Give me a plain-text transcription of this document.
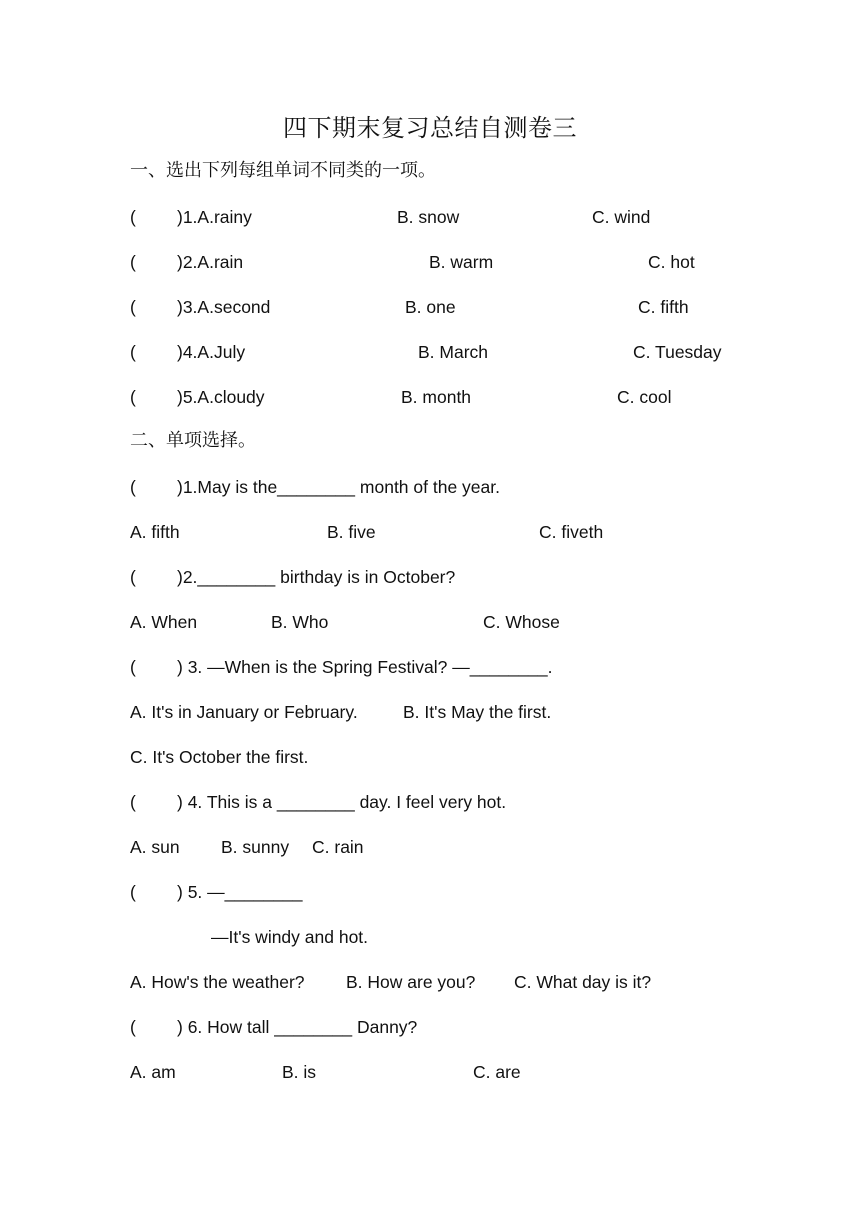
四下期末复习总结自测卷三
一、选出下列每组单词不同类的一项。
( )1.A.rainy	B. snow	C. wind
( )2.A.rain	B. warm	C. hot
( )3.A.second	B. one	C. fifth
( )4.A.July	B. March	C. Tuesday
( )5.A.cloudy	B. month	C. cool
二、单项选择。
( )1.May is the________ month of the year.
A. fifth	B. five	C. fiveth
( )2.________ birthday is in October?
A. When	B. Who	C. Whose
( ) 3. —When is the Spring Festival? —________.
A. It's in January or February.	B. It's May the first.
C. It's October the first.
( ) 4. This is a ________ day. I feel very hot.
A. sun B. sunny C. rain
( ) 5. —________
—It's windy and hot.
A. How's the weather? B. How are you? C. What day is it?
( ) 6. How tall ________ Danny?
A. am	B. is	C. are
